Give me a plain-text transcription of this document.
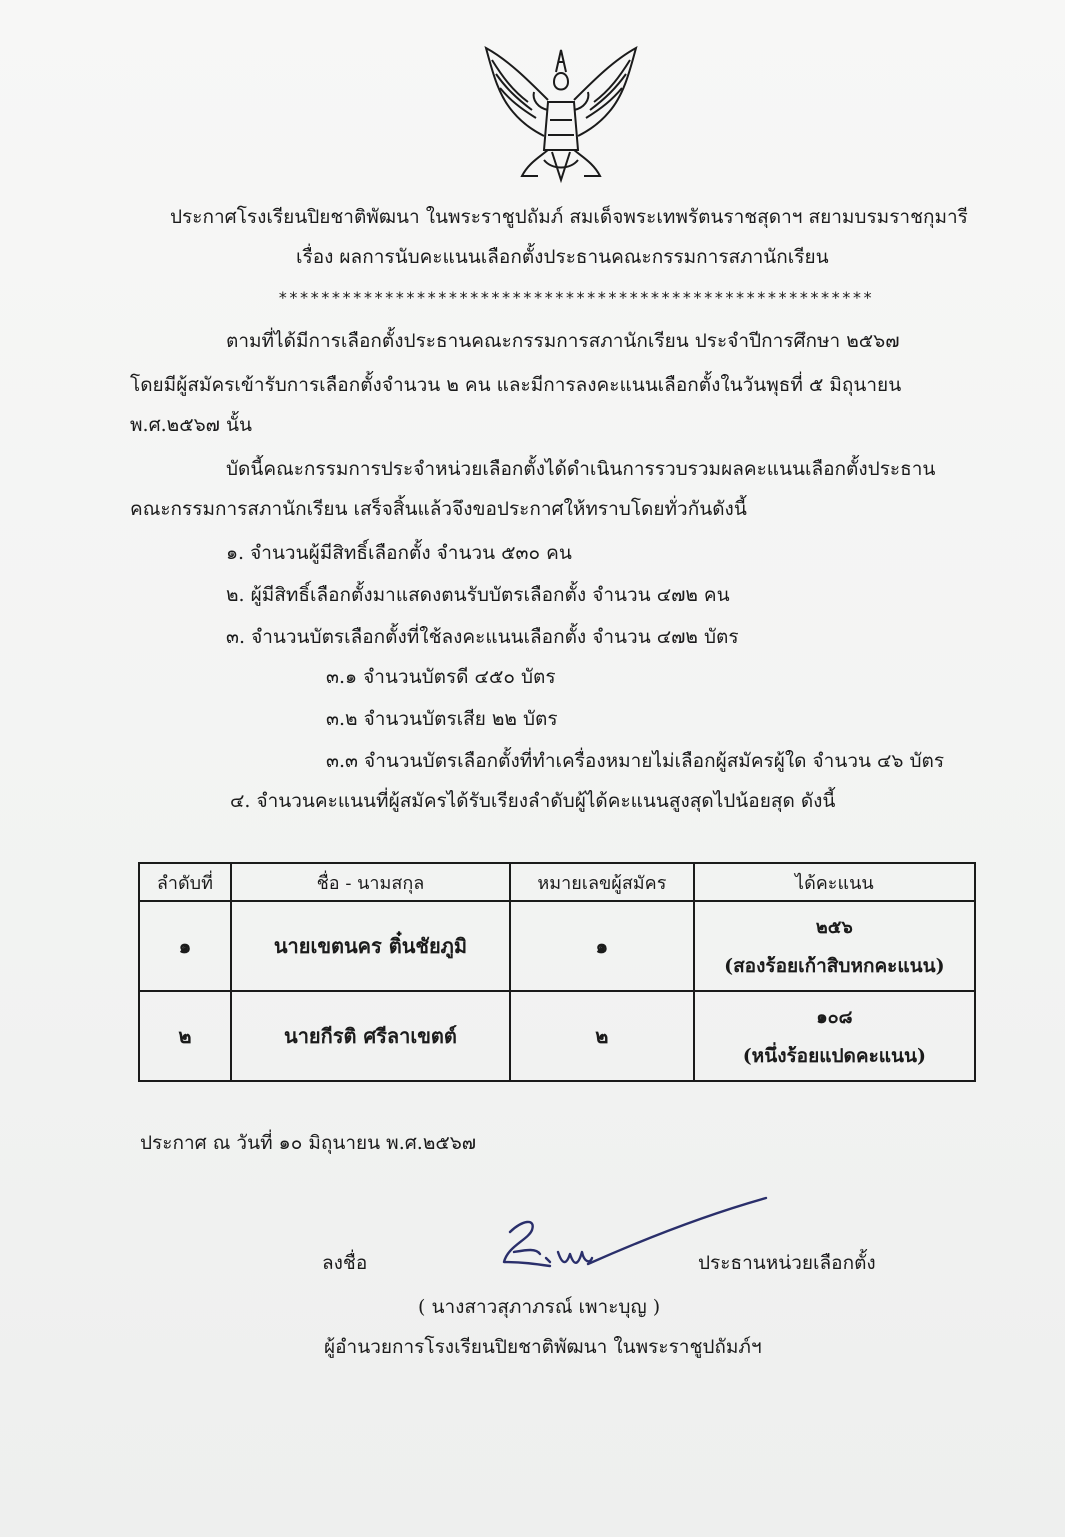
ประกาศโรงเรียนปิยชาติพัฒนา ในพระราชูปถัมภ์ สมเด็จพระเทพรัตนราชสุดาฯ สยามบรมราชกุมารี
เรื่อง ผลการนับคะแนนเลือกตั้งประธานคณะกรรมการสภานักเรียน
********************************************************
ตามที่ได้มีการเลือกตั้งประธานคณะกรรมการสภานักเรียน ประจำปีการศึกษา ๒๕๖๗
โดยมีผู้สมัครเข้ารับการเลือกตั้งจำนวน ๒ คน และมีการลงคะแนนเลือกตั้งในวันพุธที่ ๕ มิถุนายน
พ.ศ.๒๕๖๗ นั้น
บัดนี้คณะกรรมการประจำหน่วยเลือกตั้งได้ดำเนินการรวบรวมผลคะแนนเลือกตั้งประธาน
คณะกรรมการสภานักเรียน เสร็จสิ้นแล้วจึงขอประกาศให้ทราบโดยทั่วกันดังนี้
๑. จำนวนผู้มีสิทธิ์เลือกตั้ง จำนวน ๕๓๐ คน
๒. ผู้มีสิทธิ์เลือกตั้งมาแสดงตนรับบัตรเลือกตั้ง จำนวน ๔๗๒ คน
๓. จำนวนบัตรเลือกตั้งที่ใช้ลงคะแนนเลือกตั้ง จำนวน ๔๗๒ บัตร
๓.๑ จำนวนบัตรดี ๔๕๐ บัตร
๓.๒ จำนวนบัตรเสีย ๒๒ บัตร
๓.๓ จำนวนบัตรเลือกตั้งที่ทำเครื่องหมายไม่เลือกผู้สมัครผู้ใด จำนวน ๔๖ บัตร
๔. จำนวนคะแนนที่ผู้สมัครได้รับเรียงลำดับผู้ได้คะแนนสูงสุดไปน้อยสุด ดังนี้
ลำดับที่	ชื่อ - นามสกุล	หมายเลขผู้สมัคร	ได้คะแนน
๑	นายเขตนคร ติ๋นชัยภูมิ	๑	๒๕๖
(สองร้อยเก้าสิบหกคะแนน)

๒	นายกีรติ ศรีลาเขตต์	๒	๑๐๘
(หนึ่งร้อยแปดคะแนน)
ประกาศ ณ วันที่ ๑๐ มิถุนายน พ.ศ.๒๕๖๗
ลงชื่อ	ประธานหน่วยเลือกตั้ง
( นางสาวสุภาภรณ์ เพาะบุญ )
ผู้อำนวยการโรงเรียนปิยชาติพัฒนา ในพระราชูปถัมภ์ฯ
